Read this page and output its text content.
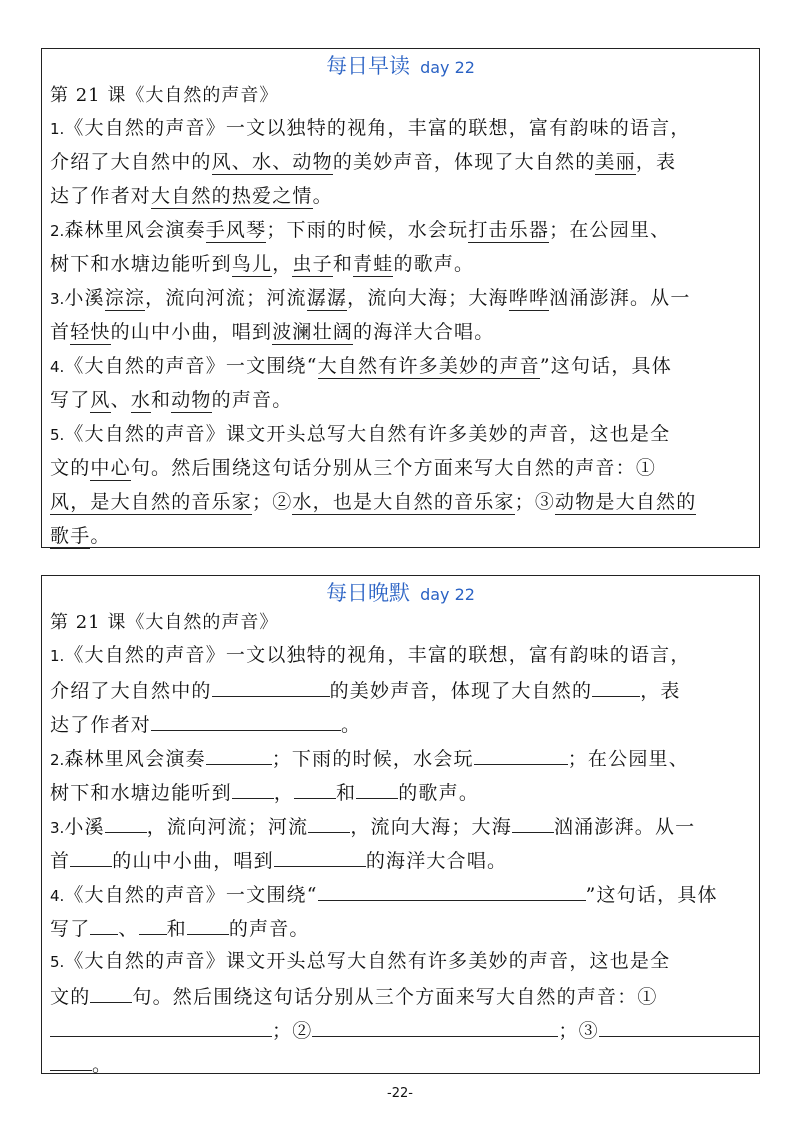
每日早读 day 22
第 21 课《大自然的声音》
1.《大自然的声音》一文以独特的视角，丰富的联想，富有韵味的语言，
介绍了大自然中的风、水、动物的美妙声音，体现了大自然的美丽，表
达了作者对大自然的热爱之情。
2.森林里风会演奏手风琴；下雨的时候，水会玩打击乐器；在公园里、
树下和水塘边能听到鸟儿，虫子和青蛙的歌声。
3.小溪淙淙，流向河流；河流潺潺，流向大海；大海哗哗汹涌澎湃。从一
首轻快的山中小曲，唱到波澜壮阔的海洋大合唱。
4.《大自然的声音》一文围绕“大自然有许多美妙的声音”这句话，具体
写了风、水和动物的声音。
5.《大自然的声音》课文开头总写大自然有许多美妙的声音，这也是全
文的中心句。然后围绕这句话分别从三个方面来写大自然的声音：①
风，是大自然的音乐家；②水，也是大自然的音乐家；③动物是大自然的
歌手。
每日晚默 day 22
第 21 课《大自然的声音》
1.《大自然的声音》一文以独特的视角，丰富的联想，富有韵味的语言，
介绍了大自然中的	的美妙声音，体现了大自然的	，表
达了作者对	。
2.森林里风会演奏	；下雨的时候，水会玩	；在公园里、
树下和水塘边能听到 ， 和 的歌声。
3.小溪 ，流向河流；河流 ，流向大海；大海 汹涌澎湃。从一
首 的山中小曲，唱到	的海洋大合唱。
4.《大自然的声音》一文围绕“	”这句话，具体
写了 、 和 的声音。
5.《大自然的声音》课文开头总写大自然有许多美妙的声音，这也是全
文的 句。然后围绕这句话分别从三个方面来写大自然的声音：①
；②	；③
。
-22-
